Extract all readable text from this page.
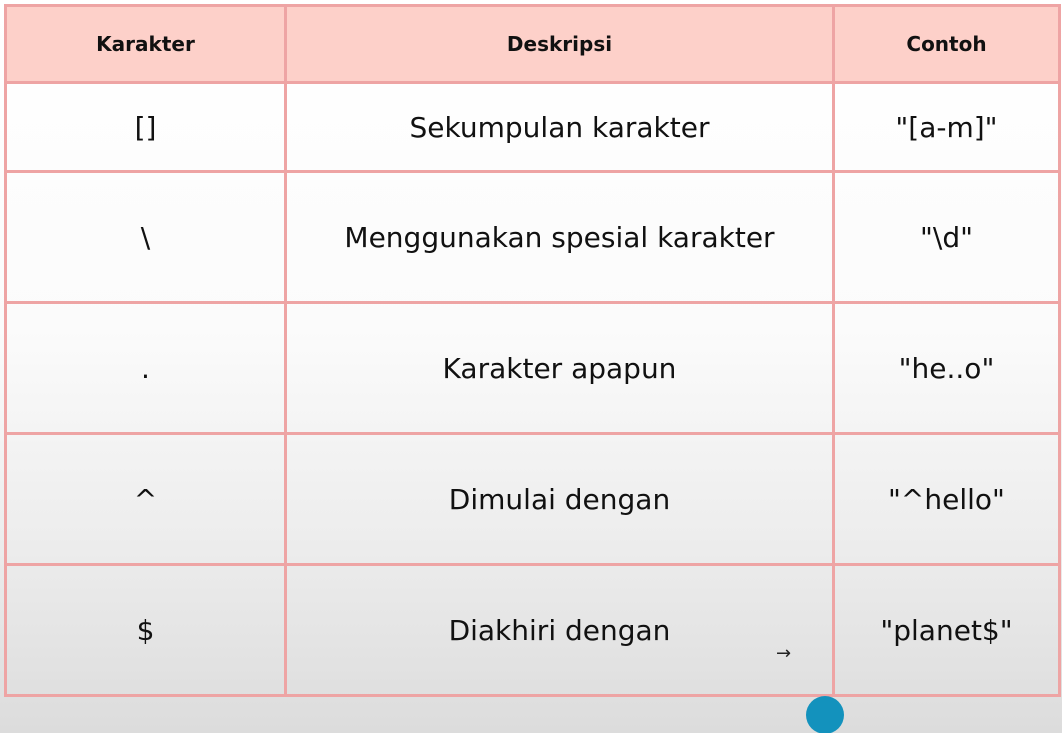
Karakter	Deskripsi	Contoh
[]	Sekumpulan karakter	"[a-m]"
\	Menggunakan spesial karakter	"\d"
.	Karakter apapun	"he..o"
^	Dimulai dengan	"^hello"
$	Diakhiri dengan	"planet$"
→
